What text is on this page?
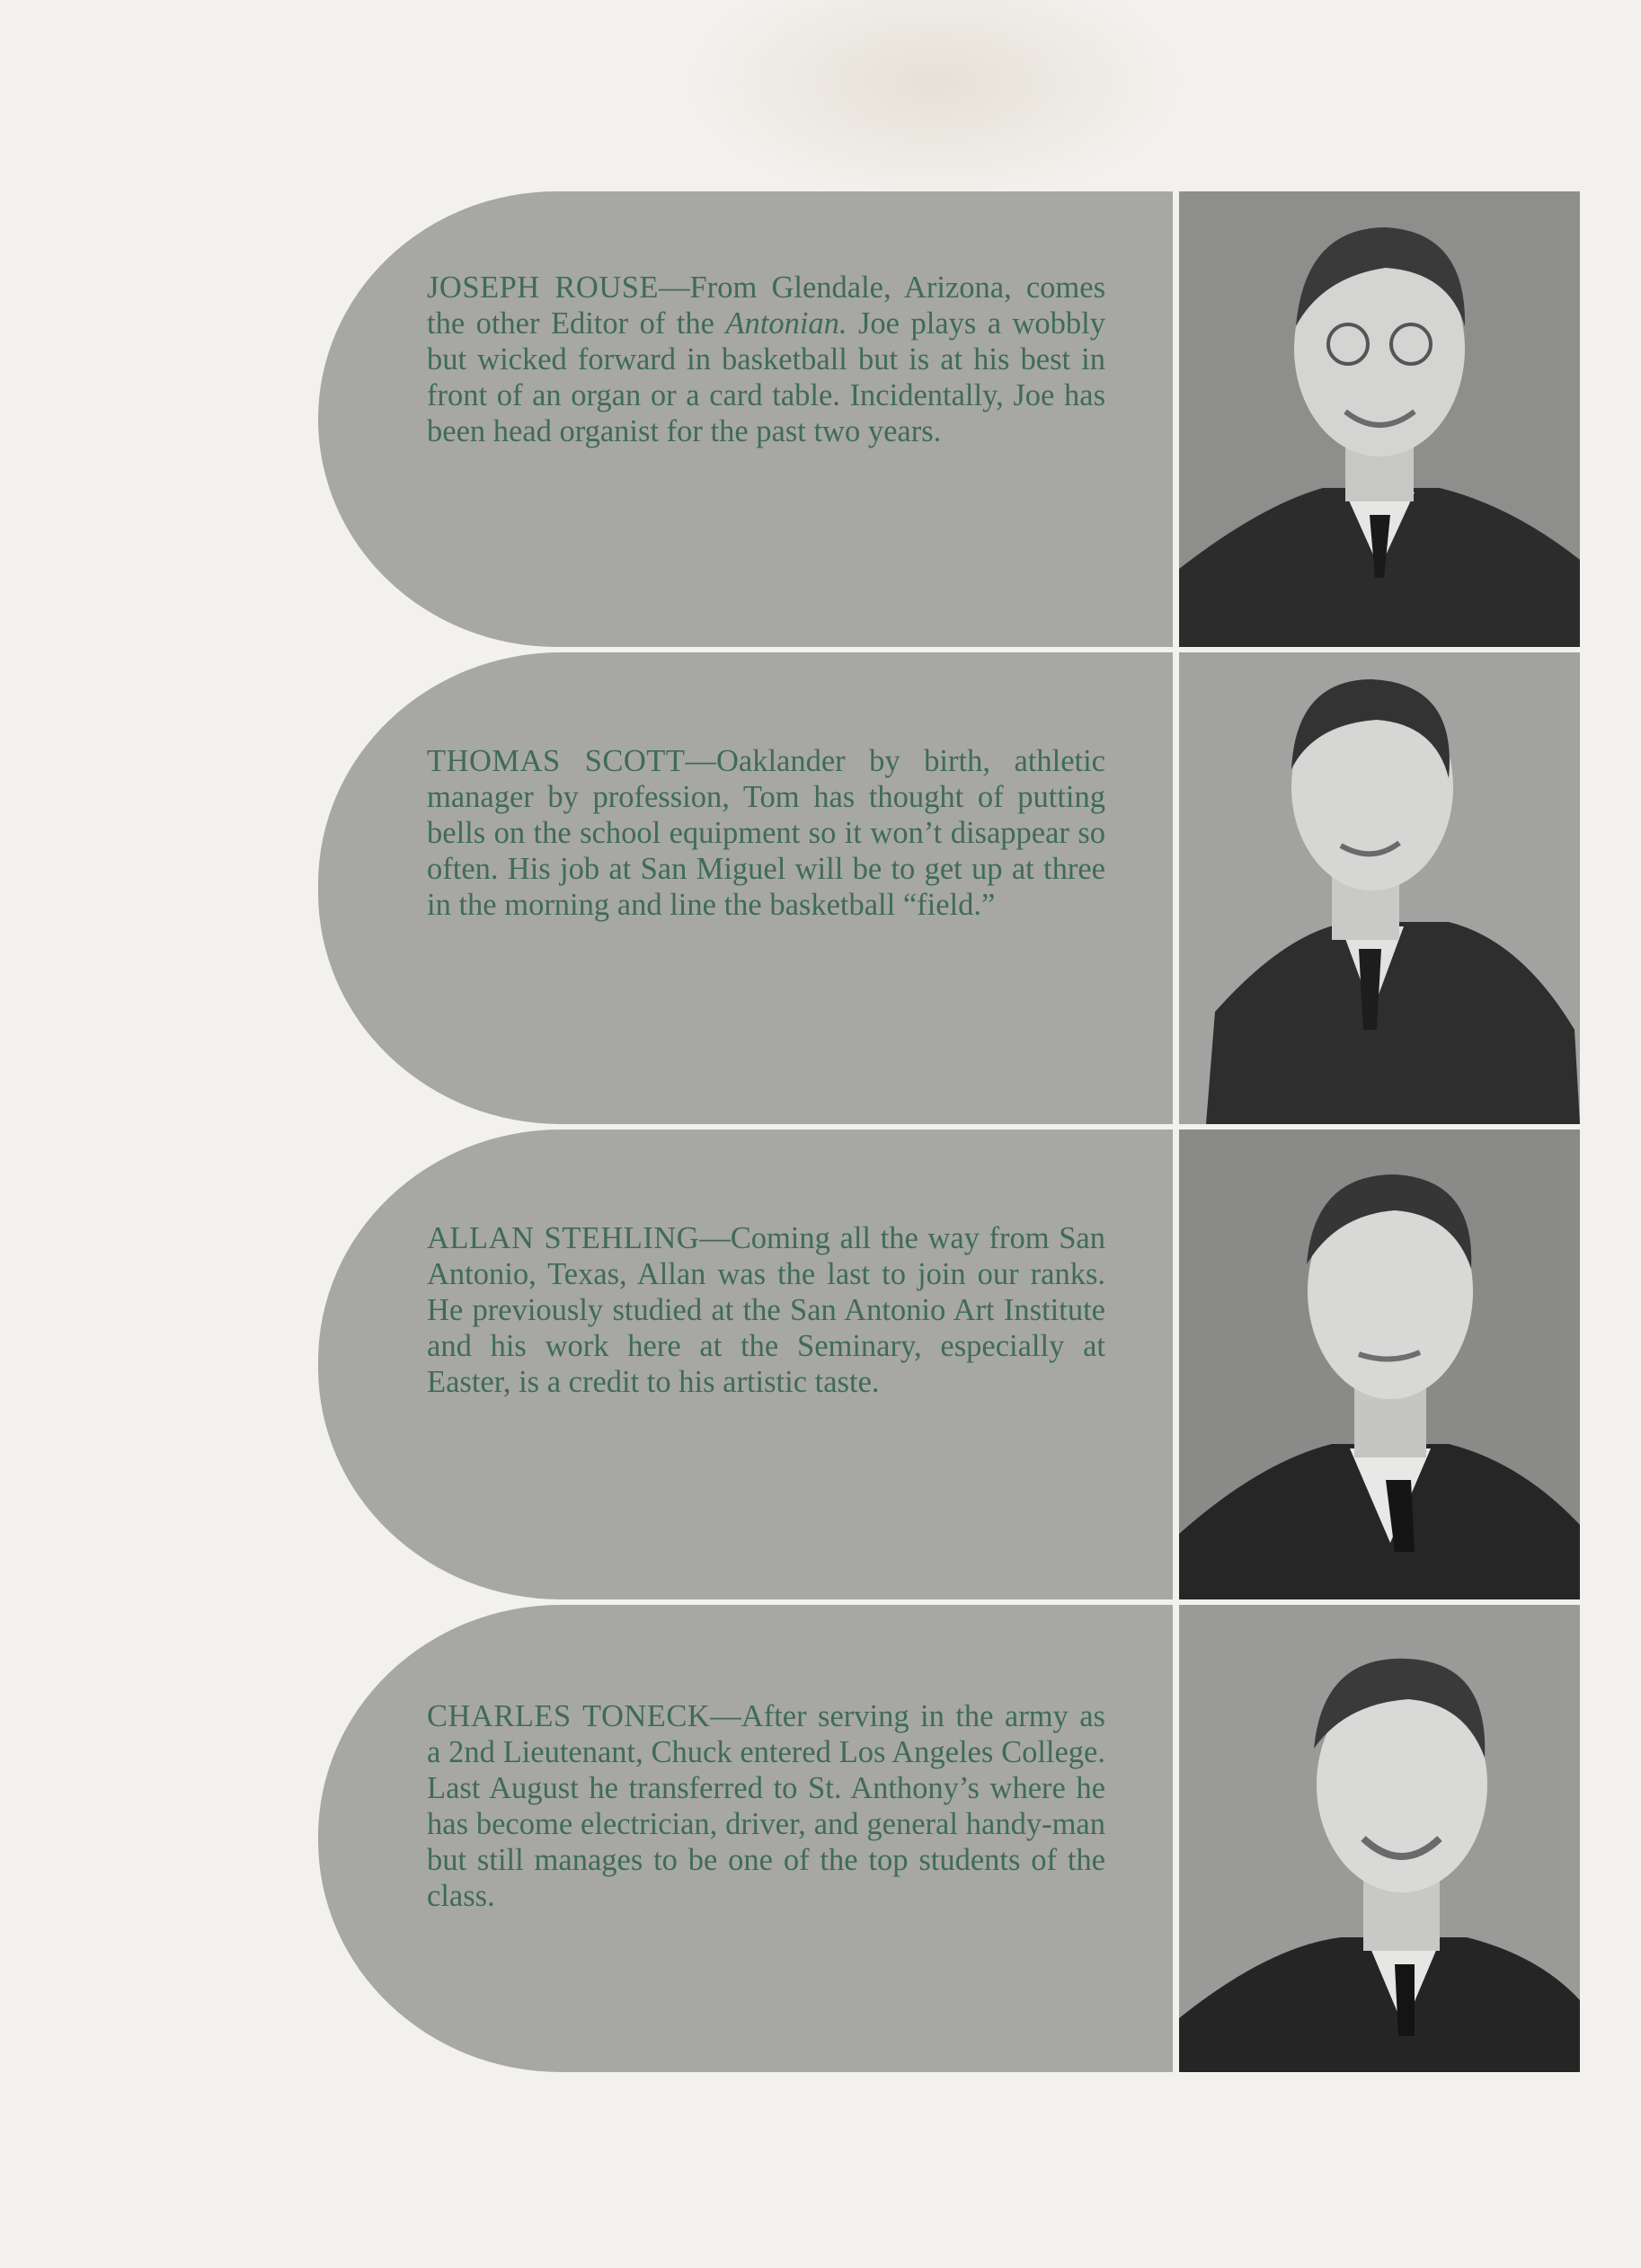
JOSEPH ROUSE—From Glendale, Arizona, comes the other Editor of the Antonian. Joe plays a wobbly but wicked forward in basketball but is at his best in front of an organ or a card table. Incidentally, Joe has been head organist for the past two years.
THOMAS SCOTT—Oaklander by birth, athletic manager by profession, Tom has thought of putting bells on the school equipment so it won’t disappear so often. His job at San Miguel will be to get up at three in the morning and line the basketball “field.”
ALLAN STEHLING—Coming all the way from San Antonio, Texas, Allan was the last to join our ranks. He previously studied at the San Antonio Art Institute and his work here at the Seminary, especially at Easter, is a credit to his artistic taste.
CHARLES TONECK—After serving in the army as a 2nd Lieutenant, Chuck entered Los Angeles College. Last August he transferred to St. Anthony’s where he has become electrician, driver, and general handy-man but still manages to be one of the top students of the class.
